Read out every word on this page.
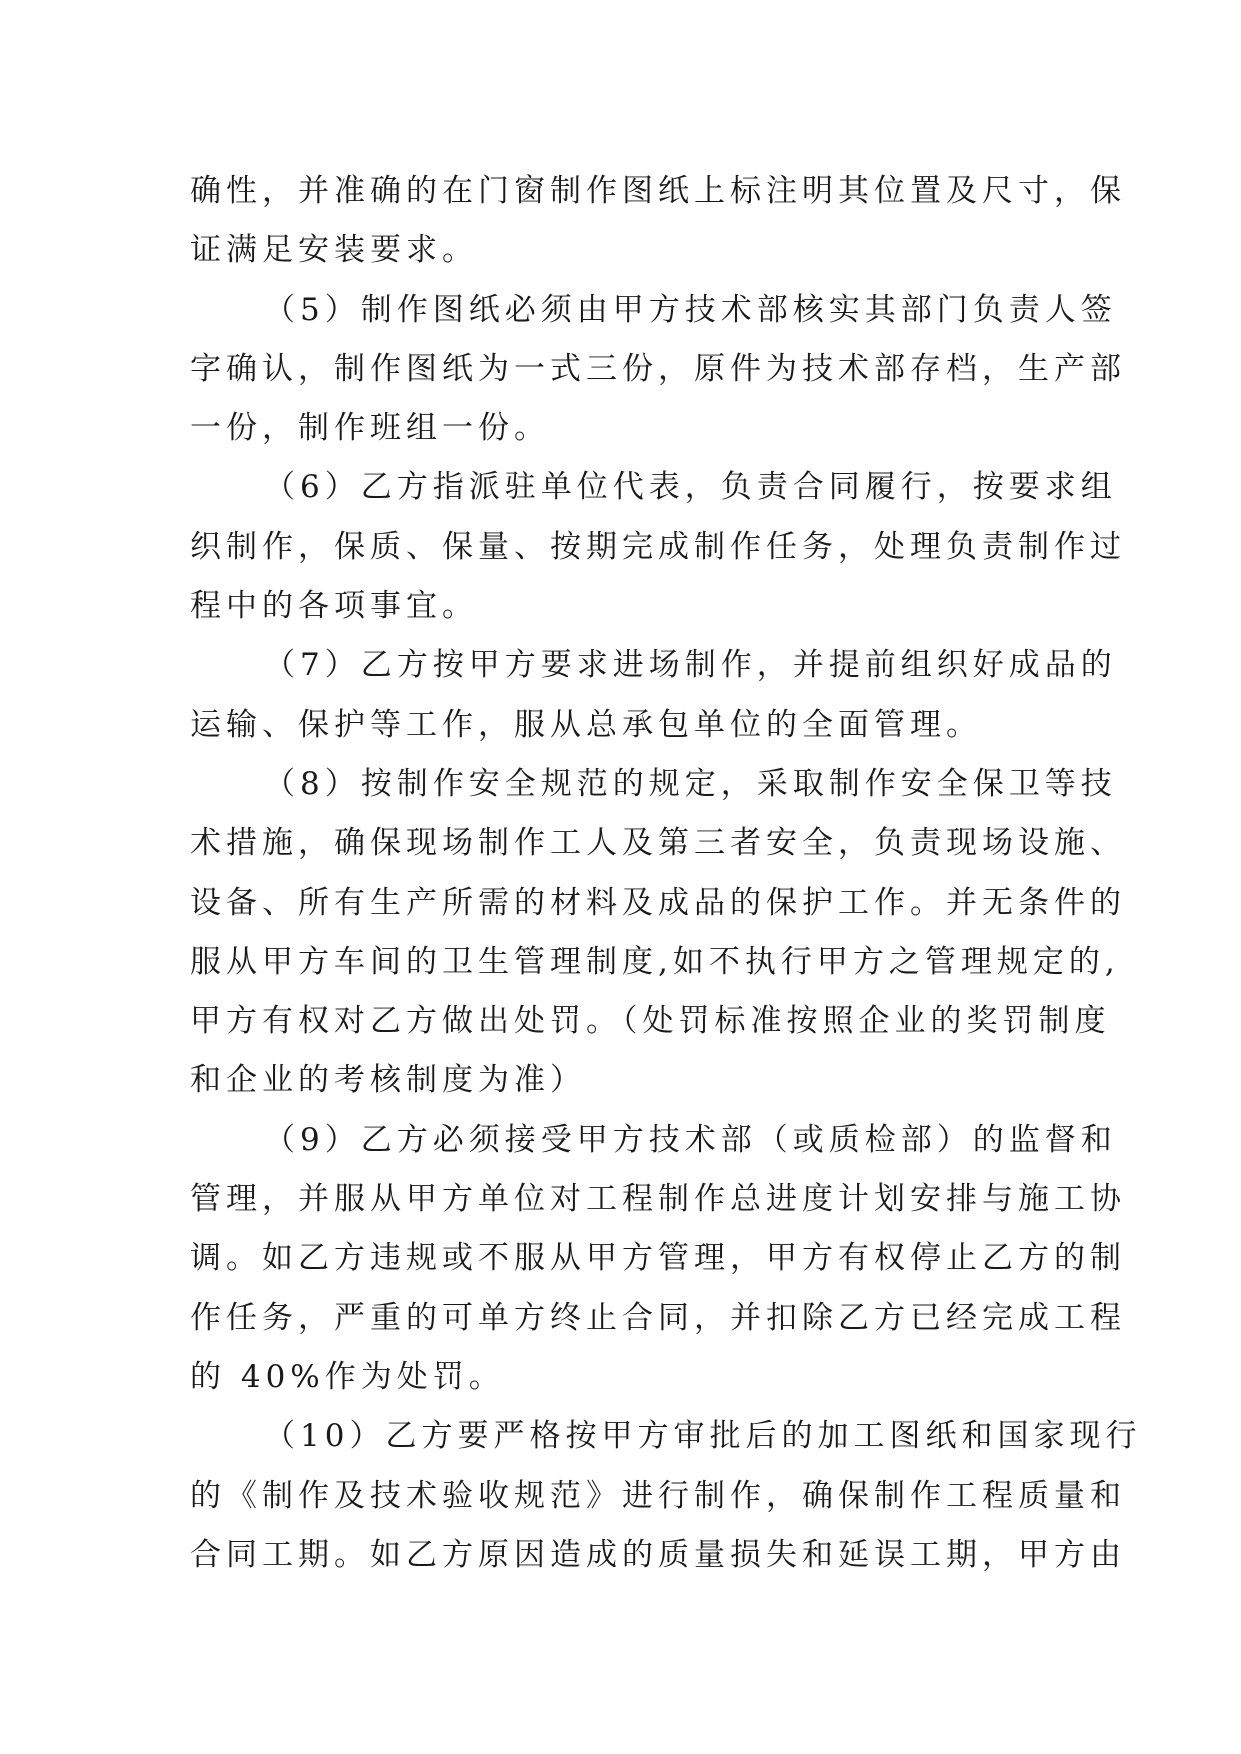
确性，并准确的在门窗制作图纸上标注明其位置及尺寸，保
证满足安装要求。
（5）制作图纸必须由甲方技术部核实其部门负责人签
字确认，制作图纸为一式三份，原件为技术部存档，生产部
一份，制作班组一份。
（6）乙方指派驻单位代表，负责合同履行，按要求组
织制作，保质、保量、按期完成制作任务，处理负责制作过
程中的各项事宜。
（7）乙方按甲方要求进场制作，并提前组织好成品的
运输、保护等工作，服从总承包单位的全面管理。
（8）按制作安全规范的规定，采取制作安全保卫等技
术措施，确保现场制作工人及第三者安全，负责现场设施、
设备、所有生产所需的材料及成品的保护工作。并无条件的
服从甲方车间的卫生管理制度,如不执行甲方之管理规定的,
甲方有权对乙方做出处罚。（处罚标准按照企业的奖罚制度
和企业的考核制度为准）
（9）乙方必须接受甲方技术部（或质检部）的监督和
管理，并服从甲方单位对工程制作总进度计划安排与施工协
调。如乙方违规或不服从甲方管理，甲方有权停止乙方的制
作任务，严重的可单方终止合同，并扣除乙方已经完成工程
的 40%作为处罚。
（10）乙方要严格按甲方审批后的加工图纸和国家现行
的《制作及技术验收规范》进行制作，确保制作工程质量和
合同工期。如乙方原因造成的质量损失和延误工期，甲方由
